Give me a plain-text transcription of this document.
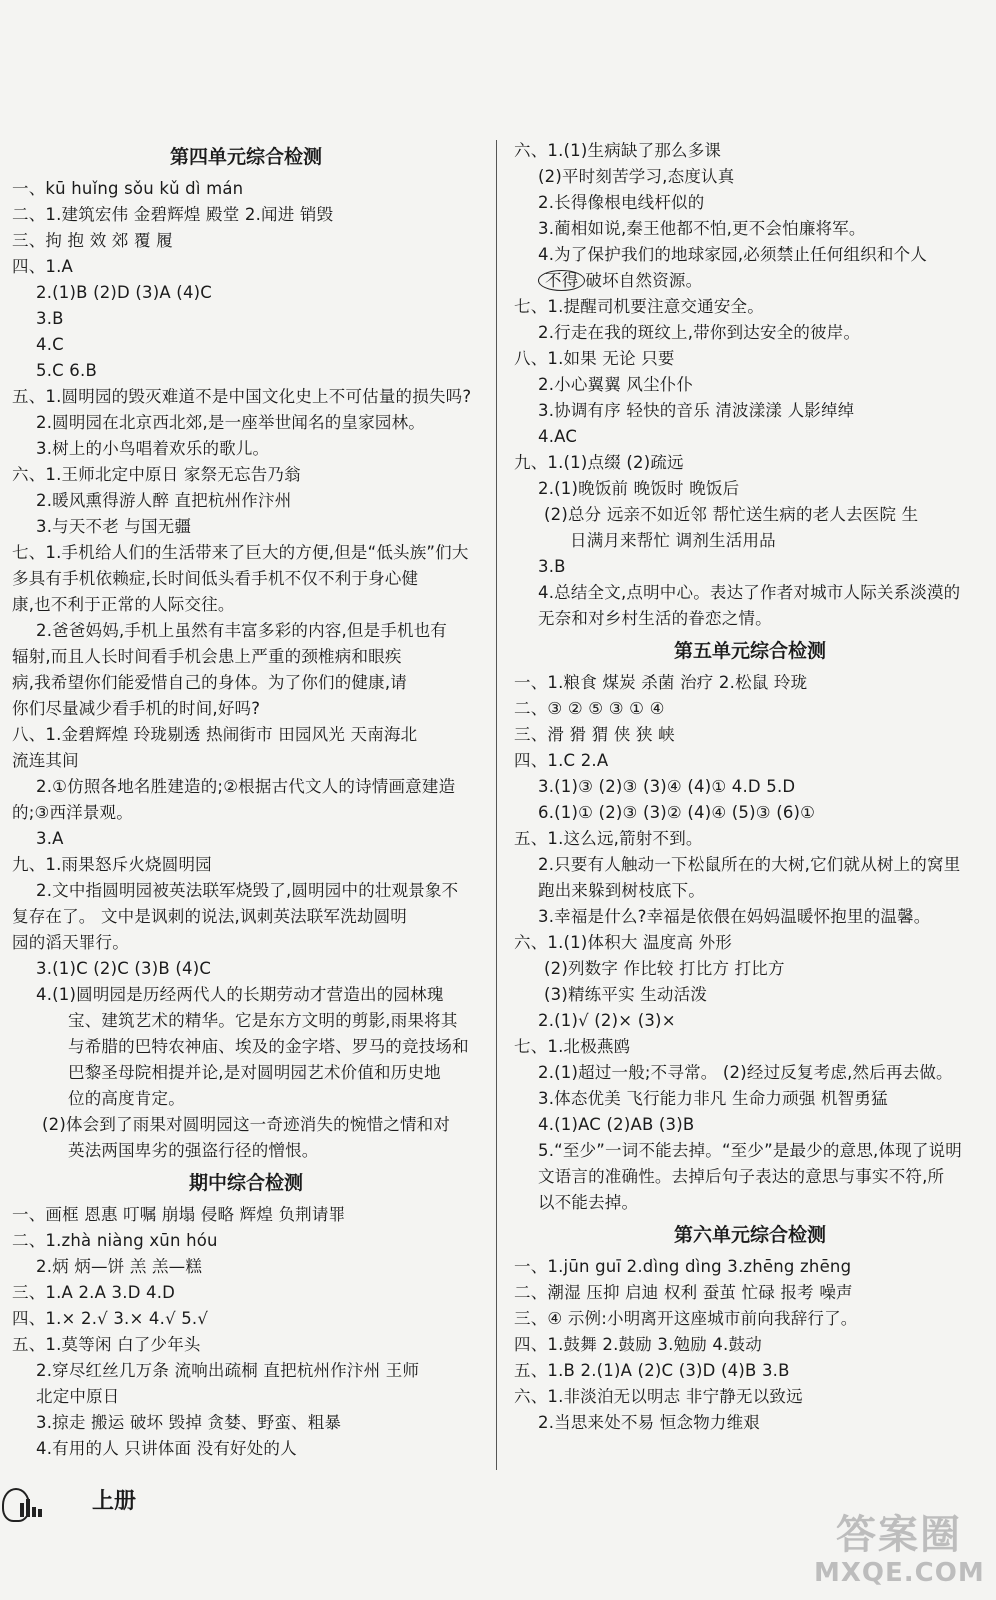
第四单元综合检测
一、kū huǐng sǒu kǔ dì mán
二、1.建筑宏伟 金碧辉煌 殿堂 2.闻进 销毁
三、拘 抱 效 郊 覆 履
四、1.A
2.(1)B (2)D (3)A (4)C
3.B
4.C
5.C 6.B
五、1.圆明园的毁灭难道不是中国文化史上不可估量的损失吗?
2.圆明园在北京西北郊,是一座举世闻名的皇家园林。
3.树上的小鸟唱着欢乐的歌儿。
六、1.王师北定中原日 家祭无忘告乃翁
2.暖风熏得游人醉 直把杭州作汴州
3.与天不老 与国无疆
七、1.手机给人们的生活带来了巨大的方便,但是“低头族”们大
多具有手机依赖症,长时间低头看手机不仅不利于身心健
康,也不利于正常的人际交往。
2.爸爸妈妈,手机上虽然有丰富多彩的内容,但是手机也有
辐射,而且人长时间看手机会患上严重的颈椎病和眼疾
病,我希望你们能爱惜自己的身体。为了你们的健康,请
你们尽量减少看手机的时间,好吗?
八、1.金碧辉煌 玲珑剔透 热闹街市 田园风光 天南海北
流连其间
2.①仿照各地名胜建造的;②根据古代文人的诗情画意建造
的;③西洋景观。
3.A
九、1.雨果怒斥火烧圆明园
2.文中指圆明园被英法联军烧毁了,圆明园中的壮观景象不
复存在了。 文中是讽刺的说法,讽刺英法联军洗劫圆明
园的滔天罪行。
3.(1)C (2)C (3)B (4)C
4.(1)圆明园是历经两代人的长期劳动才营造出的园林瑰
宝、建筑艺术的精华。它是东方文明的剪影,雨果将其
与希腊的巴特农神庙、埃及的金字塔、罗马的竞技场和
巴黎圣母院相提并论,是对圆明园艺术价值和历史地
位的高度肯定。
(2)体会到了雨果对圆明园这一奇迹消失的惋惜之情和对
英法两国卑劣的强盗行径的憎恨。
期中综合检测
一、画框 恩惠 叮嘱 崩塌 侵略 辉煌 负荆请罪
二、1.zhà niàng xūn hóu
2.炳 炳—饼 羔 羔—糕
三、1.A 2.A 3.D 4.D
四、1.× 2.√ 3.× 4.√ 5.√
五、1.莫等闲 白了少年头
2.穿尽红丝几万条 流响出疏桐 直把杭州作汴州 王师
北定中原日
3.掠走 搬运 破坏 毁掉 贪婪、野蛮、粗暴
4.有用的人 只讲体面 没有好处的人
六、1.(1)生病缺了那么多课
(2)平时刻苦学习,态度认真
2.长得像根电线杆似的
3.蔺相如说,秦王他都不怕,更不会怕廉将军。
4.为了保护我们的地球家园,必须禁止任何组织和个人
不得 破坏自然资源。
七、1.提醒司机要注意交通安全。
2.行走在我的斑纹上,带你到达安全的彼岸。
八、1.如果 无论 只要
2.小心翼翼 风尘仆仆
3.协调有序 轻快的音乐 清波漾漾 人影绰绰
4.AC
九、1.(1)点缀 (2)疏远
2.(1)晚饭前 晚饭时 晚饭后
(2)总分 远亲不如近邻 帮忙送生病的老人去医院 生
日满月来帮忙 调剂生活用品
3.B
4.总结全文,点明中心。表达了作者对城市人际关系淡漠的
无奈和对乡村生活的眷恋之情。
第五单元综合检测
一、1.粮食 煤炭 杀菌 治疗 2.松鼠 玲珑
二、③ ② ⑤ ③ ① ④
三、滑 猾 猬 侠 狭 峡
四、1.C 2.A
3.(1)③ (2)③ (3)④ (4)① 4.D 5.D
6.(1)① (2)③ (3)② (4)④ (5)③ (6)①
五、1.这么远,箭射不到。
2.只要有人触动一下松鼠所在的大树,它们就从树上的窝里
跑出来躲到树枝底下。
3.幸福是什么?幸福是依偎在妈妈温暖怀抱里的温馨。
六、1.(1)体积大 温度高 外形
(2)列数字 作比较 打比方 打比方
(3)精练平实 生动活泼
2.(1)√ (2)× (3)×
七、1.北极燕鸥
2.(1)超过一般;不寻常。 (2)经过反复考虑,然后再去做。
3.体态优美 飞行能力非凡 生命力顽强 机智勇猛
4.(1)AC (2)AB (3)B
5.“至少”一词不能去掉。“至少”是最少的意思,体现了说明
文语言的准确性。去掉后句子表达的意思与事实不符,所
以不能去掉。
第六单元综合检测
一、1.jūn guī 2.dìng dìng 3.zhēng zhēng
二、潮湿 压抑 启迪 权利 蚕茧 忙碌 报考 噪声
三、④ 示例:小明离开这座城市前向我辞行了。
四、1.鼓舞 2.鼓励 3.勉励 4.鼓动
五、1.B 2.(1)A (2)C (3)D (4)B 3.B
六、1.非淡泊无以明志 非宁静无以致远
2.当思来处不易 恒念物力维艰
上册
答案圈
MXQE.COM
